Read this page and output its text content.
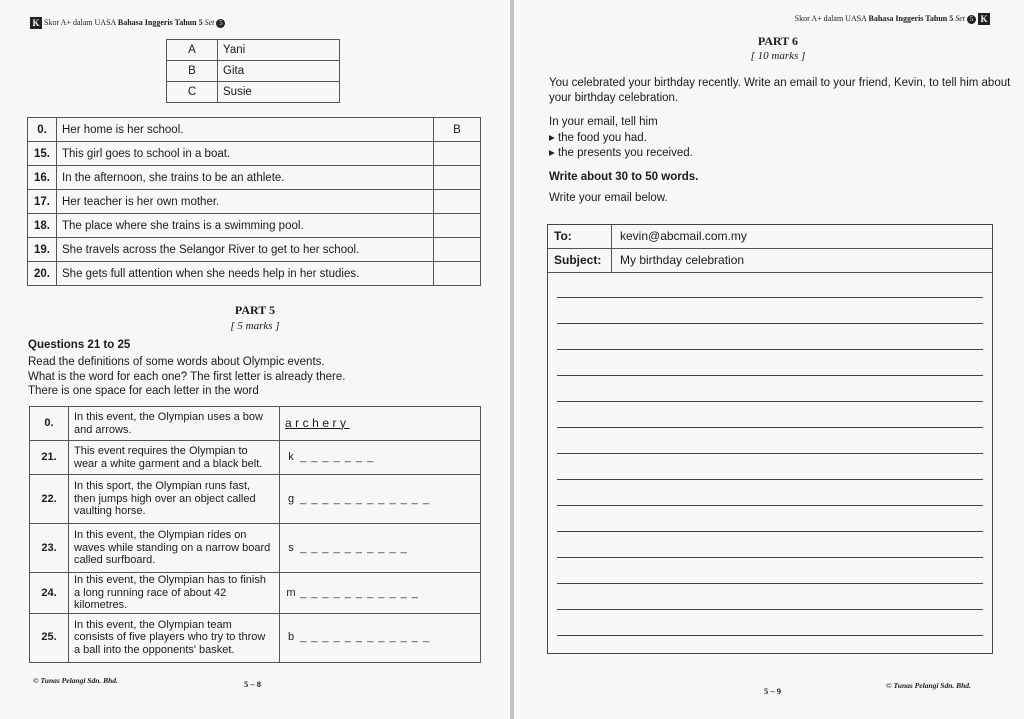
K Skor A+ dalam UASA Bahasa Inggeris Tahun 5 Set 5
A	Yani
B	Gita
C	Susie
0.	Her home is her school.	B
15.	This girl goes to school in a boat.	
16.	In the afternoon, she trains to be an athlete.	
17.	Her teacher is her own mother.	
18.	The place where she trains is a swimming pool.	
19.	She travels across the Selangor River to get to her school.	
20.	She gets full attention when she needs help in her studies.	
PART 5
[ 5 marks ]
Questions 21 to 25
Read the definitions of some words about Olympic events.
What is the word for each one? The first letter is already there.
There is one space for each letter in the word
0.	In this event, the Olympian uses a bow and arrows.	archery
21.	This event requires the Olympian to wear a white garment and a black belt.	k _ _ _ _ _ _ _
22.	In this sport, the Olympian runs fast, then jumps high over an object called vaulting horse.	g _ _ _ _ _ _ _ _ _ _ _ _
23.	In this event, the Olympian rides on waves while standing on a narrow board called surfboard.	s _ _ _ _ _ _ _ _ _ _
24.	In this event, the Olympian has to finish a long running race of about 42 kilometres.	m _ _ _ _ _ _ _ _ _ _ _
25.	In this event, the Olympian team consists of five players who try to throw a ball into the opponents' basket.	b _ _ _ _ _ _ _ _ _ _ _ _
© Tunas Pelangi Sdn. Bhd.	5 – 8
Skor A+ dalam UASA Bahasa Inggeris Tahun 5 Set 5 K
PART 6
[ 10 marks ]
You celebrated your birthday recently. Write an email to your friend, Kevin, to tell him about
your birthday celebration.
In your email, tell him
▸ the food you had.
▸ the presents you received.
Write about 30 to 50 words.
Write your email below.
To:	kevin@abcmail.com.my
Subject:	My birthday celebration
5 – 9
© Tunas Pelangi Sdn. Bhd.
